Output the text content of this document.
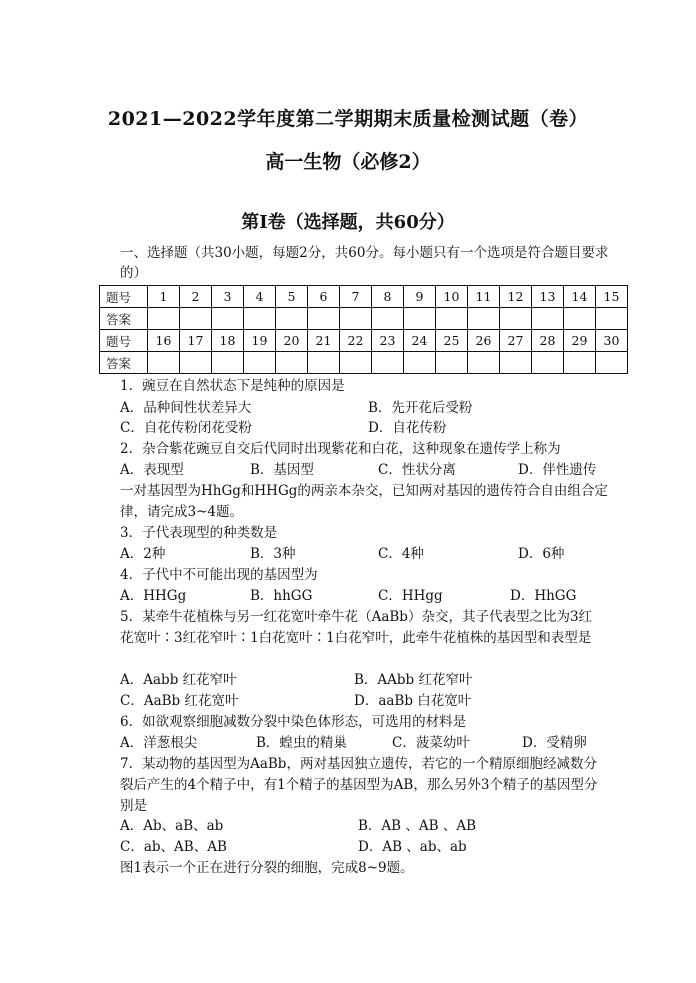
2021—2022学年度第二学期期末质量检测试题（卷）
高一生物（必修2）
第Ⅰ卷（选择题，共60分）
一、选择题（共30小题，每题2分，共60分。每小题只有一个选项是符合题目要求的）
题号	1	2	3	4	5	6	7	8	9	10	11	12	13	14	15
答案															
题号	16	17	18	19	20	21	22	23	24	25	26	27	28	29	30
答案															
1．豌豆在自然状态下是纯种的原因是
A．品种间性状差异大	B．先开花后受粉
C．自花传粉闭花受粉	D．自花传粉
2．杂合紫花豌豆自交后代同时出现紫花和白花，这种现象在遗传学上称为
A．表现型	B．基因型	C．性状分离	D．伴性遗传
一对基因型为HhGg和HHGg的两亲本杂交，已知两对基因的遗传符合自由组合定律，请完成3~4题。
3．子代表现型的种类数是
A．2种	B．3种	C．4种	D．6种
4．子代中不可能出现的基因型为
A．HHGg	B．hhGG	C．HHgg	D．HhGG
5．某牵牛花植株与另一红花宽叶牵牛花（AaBb）杂交，其子代表型之比为3红花宽叶∶3红花窄叶∶1白花宽叶∶1白花窄叶，此牵牛花植株的基因型和表型是
A．Aabb 红花窄叶	B．AAbb 红花窄叶
C．AaBb 红花宽叶	D．aaBb 白花宽叶
6．如欲观察细胞减数分裂中染色体形态，可选用的材料是
A．洋葱根尖	B．蝗虫的精巢	C．菠菜幼叶	D．受精卵
7．某动物的基因型为AaBb，两对基因独立遗传，若它的一个精原细胞经减数分裂后产生的4个精子中，有1个精子的基因型为AB，那么另外3个精子的基因型分别是
A．Ab、aB、ab	B．AB 、AB 、AB
C．ab、AB、AB	D．AB 、ab、ab
图1表示一个正在进行分裂的细胞，完成8~9题。
